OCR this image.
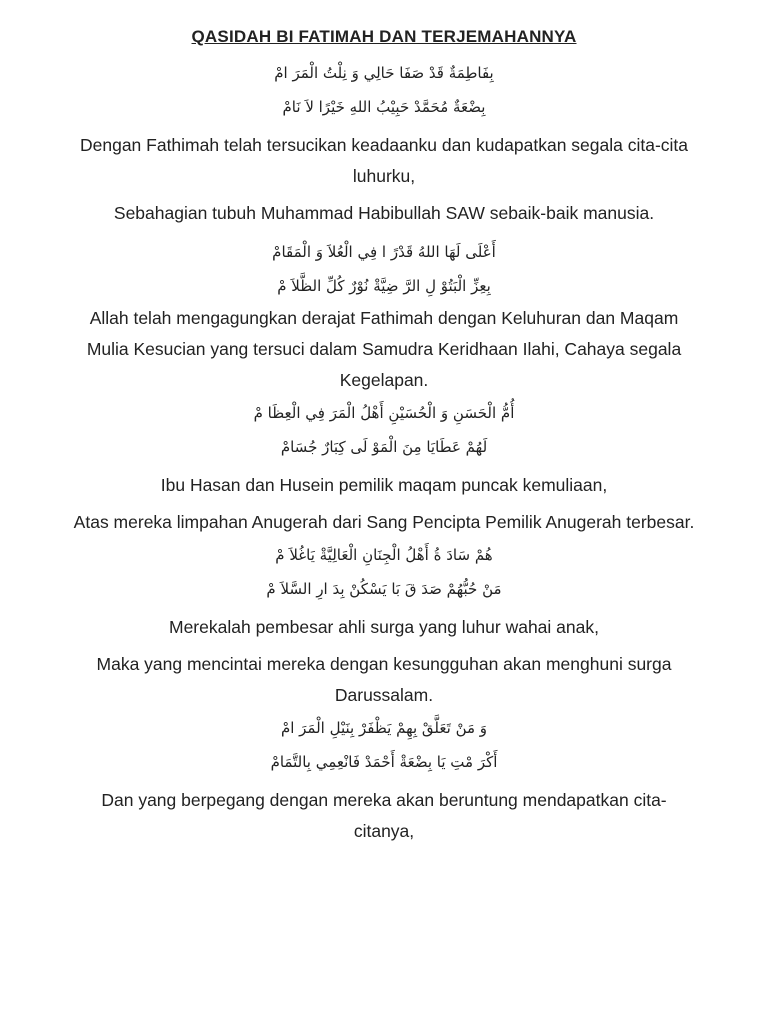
QASIDAH BI FATIMAH DAN TERJEMAHANNYA

بِفَاطِمَةٌ قَدْ صَفَا حَالِي وَ نِلْتُ الْمَرَ امْ

بِضْعَةٌ مُحَمَّدْ حَبِيْبُ اللهِ خَيْرًا لاَ نَامْ

Dengan Fathimah telah tersucikan keadaanku dan kudapatkan segala cita-cita luhurku,

Sebahagian tubuh Muhammad Habibullah SAW sebaik-baik manusia.

أَعْلَى لَهَا اللهُ قَدْرً ا فِي الْعُلاَ وَ الْمَقَامْ

بِعِزِّ الْبَتُوْ لِ الرَّ ضِيَّةْ نُوْرٌ كُلِّ الظَّلاَ مْ

Allah telah mengagungkan derajat Fathimah dengan Keluhuran dan Maqam Mulia Kesucian yang tersuci dalam Samudra Keridhaan Ilahi, Cahaya segala Kegelapan.

أُمُّ الْحَسَنِ وَ الْحُسَيْنِ أَهْلُ الْمَرَ فِي الْعِظَا مْ

لَهُمْ عَطَايَا مِنَ الْمَوْ لَى كِبَارٌ جُسَامْ

Ibu Hasan dan Husein pemilik maqam puncak kemuliaan,

Atas mereka limpahan Anugerah dari Sang Pencipta Pemilik Anugerah terbesar.

هُمْ سَادَ ةُ أَهْلُ الْجِنَانِ الْعَالِيَّةْ يَاغُلاَ مْ

مَنْ حُبُّهُمْ صَدَ قَ بَا يَسْكُنْ بِدَ ارِ السَّلاَ مْ

Merekalah pembesar ahli surga yang luhur wahai anak,

Maka yang mencintai mereka dengan kesungguhan akan menghuni surga Darussalam.

وَ مَنْ تَعَلَّقْ بِهِمْ يَظْفَرْ بِنَيْلِ الْمَرَ امْ

أَكْرَ مْتِ يَا بِضْعَةْ أَحْمَدْ فَانْعِمِي بِالتَّمَامْ

Dan yang berpegang dengan mereka akan beruntung mendapatkan cita-citanya,
